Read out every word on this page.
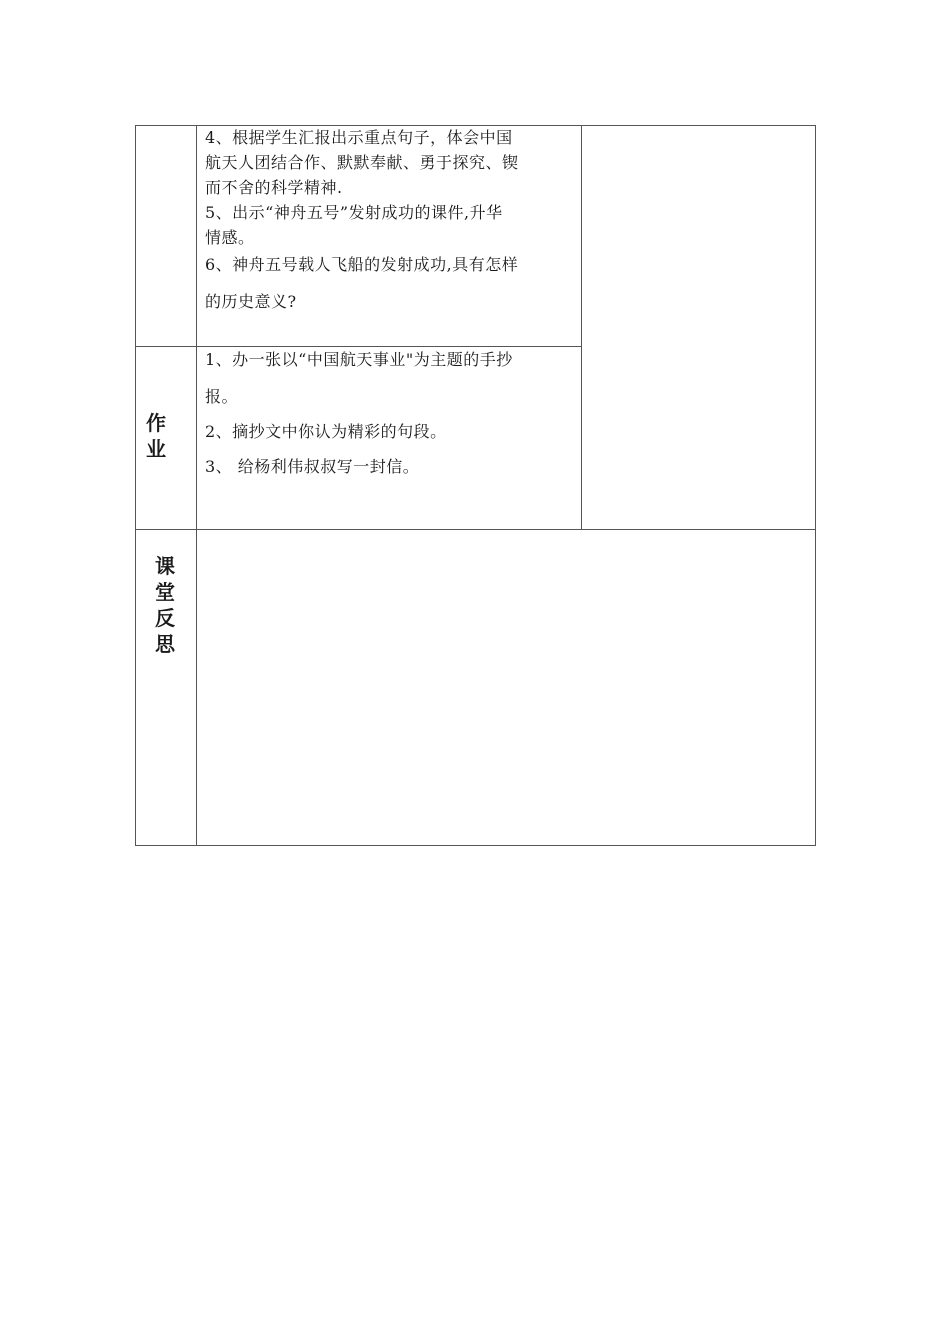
4、根据学生汇报出示重点句子，体会中国
航天人团结合作、默默奉献、勇于探究、锲
而不舍的科学精神.
5、出示“神舟五号”发射成功的课件,升华
情感。
6、神舟五号载人飞船的发射成功,具有怎样
的历史意义?
作
业
1、办一张以“中国航天事业"为主题的手抄
报。
2、摘抄文中你认为精彩的句段。
3、 给杨利伟叔叔写一封信。
课
堂
反
思
